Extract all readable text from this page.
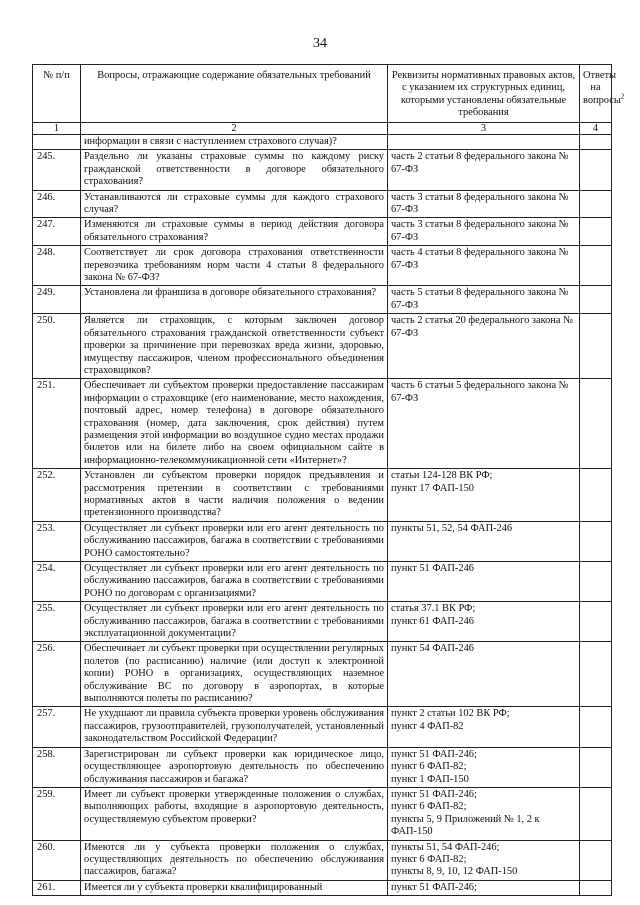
34
№ п/п	Вопросы, отражающие содержание обязательных требований	Реквизиты нормативных правовых актов, с указанием их структурных единиц, которыми установлены обязательные требования	Ответы на вопросы$^2$
1	2	3	4
	информации в связи с наступлением страхового случая)?		
245.	Раздельно ли указаны страховые суммы по каждому риску гражданской ответственности в договоре обязательного страхования?	часть 2 статьи 8 федерального закона № 67-ФЗ	

246.	Устанавливаются ли страховые суммы для каждого страхового случая?	часть 3 статьи 8 федерального закона № 67-ФЗ	

247.	Изменяются ли страховые суммы в период действия договора обязательного страхования?	часть 3 статьи 8 федерального закона № 67-ФЗ	

248.	Соответствует ли срок договора страхования ответственности перевозчика требованиям норм части 4 статьи 8 федерального закона № 67-ФЗ?	часть 4 статьи 8 федерального закона № 67-ФЗ	

249.	Установлена ли франшиза в договоре обязательного страхования?	часть 5 статьи 8 федерального закона № 67-ФЗ	

250.	Является ли страховщик, с которым заключен договор обязательного страхования гражданской ответственности субъект проверки за причинение при перевозках вреда жизни, здоровью, имуществу пассажиров, членом профессионального объединения страховщиков?	часть 2 статья 20 федерального закона № 67-ФЗ	

251.	Обеспечивает ли субъектом проверки предоставление пассажирам информации о страховщике (его наименование, место нахождения, почтовый адрес, номер телефона) в договоре обязательного страхования (номер, дата заключения, срок действия) путем размещения этой информации во воздушное судно местах продажи билетов или на билете либо на своем официальном сайте в информационно-телекоммуникационной сети «Интернет»?	часть 6 статьи 5 федерального закона № 67-ФЗ	

252.	Установлен ли субъектом проверки порядок предъявления и рассмотрения претензии в соответствии с требованиями нормативных актов в части наличия положения о ведении претензионного производства?	статьи 124-128 ВК РФ;
пункт 17 ФАП-150	

253.	Осуществляет ли субъект проверки или его агент деятельность по обслуживанию пассажиров, багажа в соответствии с требованиями РОНО самостоятельно?	пункты 51, 52, 54 ФАП-246	

254.	Осуществляет ли субъект проверки или его агент деятельность по обслуживанию пассажиров, багажа в соответствии с требованиями РОНО по договорам с организациями?	пункт 51 ФАП-246	

255.	Осуществляет ли субъект проверки или его агент деятельность по обслуживанию пассажиров, багажа в соответствии с требованиями эксплуатационной документации?	статья 37.1 ВК РФ;
пункт 61 ФАП-246	

256.	Обеспечивает ли субъект проверки при осуществлении регулярных полетов (по расписанию) наличие (или доступ к электронной копии) РОНО в организациях, осуществляющих наземное обслуживание ВС по договору в аэропортах, в которые выполняются полеты по расписанию?	пункт 54 ФАП-246	

257.	Не ухудшают ли правила субъекта проверки уровень обслуживания пассажиров, грузоотправителей, грузополучателей, установленный законодательством Российской Федерации?	пункт 2 статьи 102 ВК РФ;
пункт 4 ФАП-82	

258.	Зарегистрирован ли субъект проверки как юридическое лицо, осуществляющее аэропортовую деятельность по обеспечению обслуживания пассажиров и багажа?	пункт 51 ФАП-246;
пункт 6 ФАП-82;
пункт 1 ФАП-150	

259.	Имеет ли субъект проверки утвержденные положения о службах, выполняющих работы, входящие в аэропортовую деятельность, осуществляемую субъектом проверки?	пункт 51 ФАП-246;
пункт 6 ФАП-82;
пункты 5, 9 Приложений № 1, 2 к ФАП-150	

260.	Имеются ли у субъекта проверки положения о службах, осуществляющих деятельность по обеспечению обслуживания пассажиров, багажа?	пункты 51, 54 ФАП-246;
пункт 6 ФАП-82;
пункты 8, 9, 10, 12 ФАП-150	

261.	Имеется ли у субъекта проверки квалифицированный	пункт 51 ФАП-246;	
